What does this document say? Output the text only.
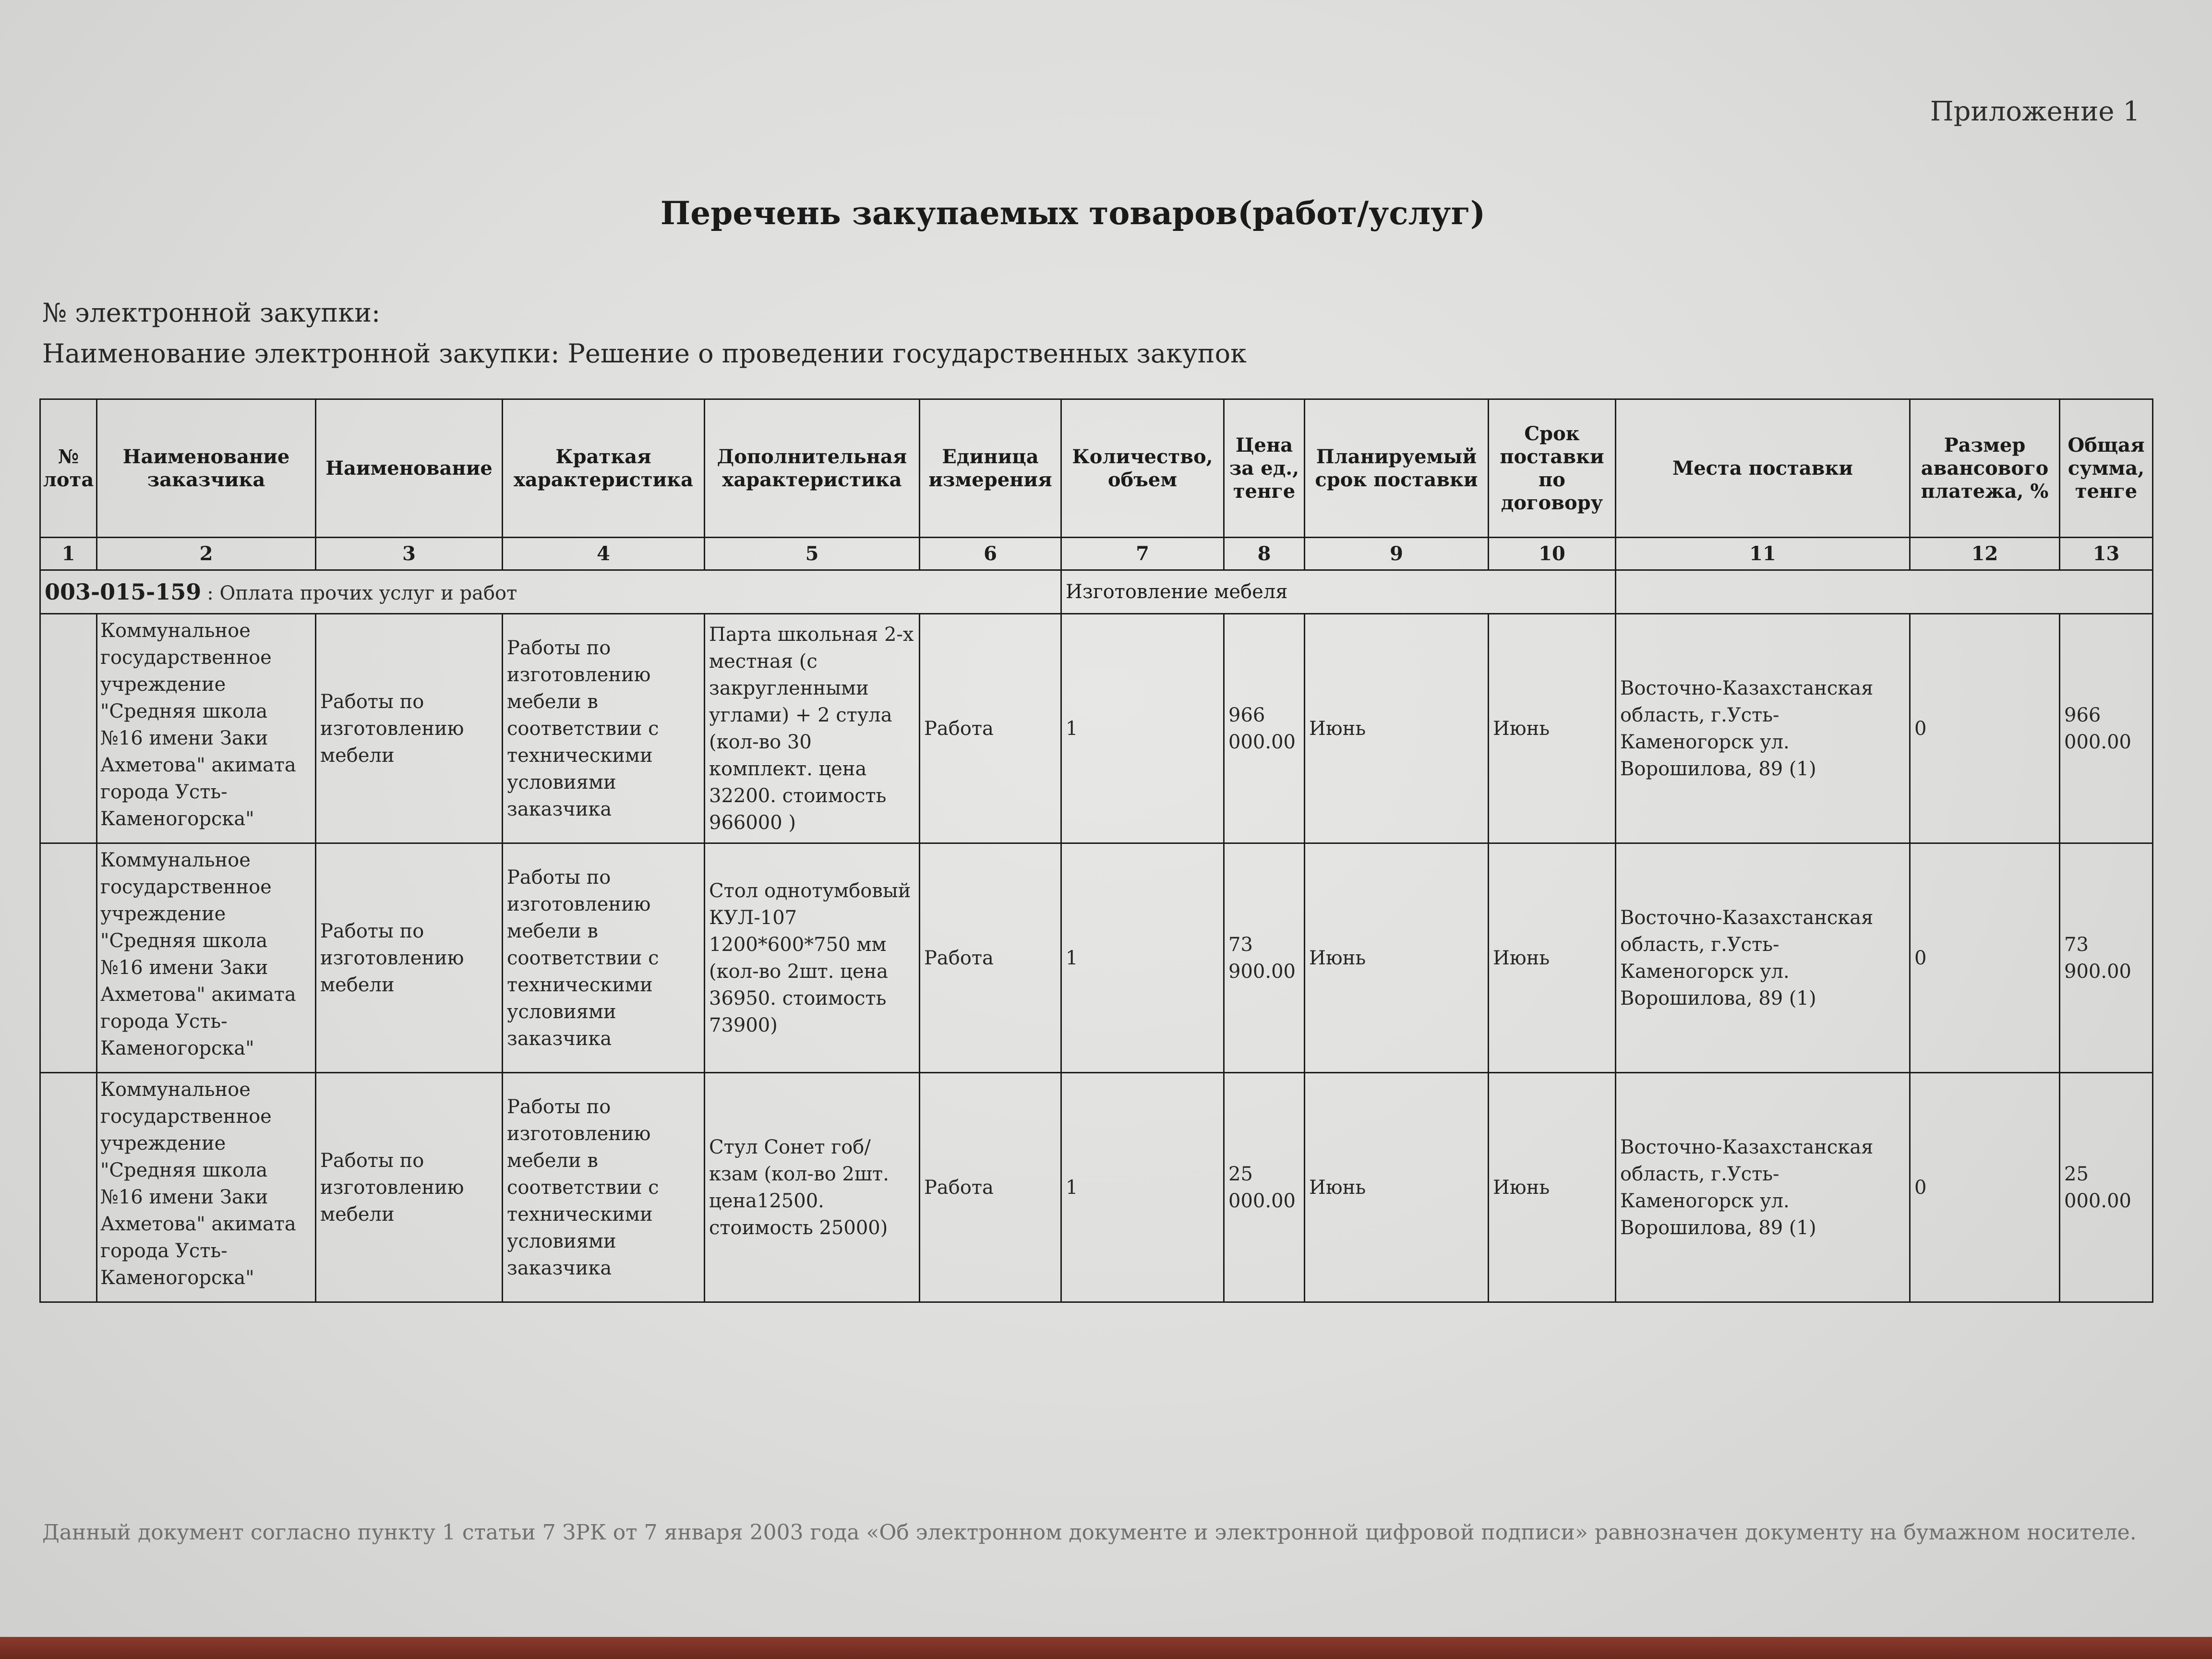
Приложение 1
Перечень закупаемых товаров(работ/услуг)
№ электронной закупки:
Наименование электронной закупки: Решение о проведении государственных закупок
№ лота	Наименование заказчика	Наименование	Краткая характеристика	Дополнительная характеристика	Единица измерения	Количество, объем	Цена за ед., тенге	Планируемый срок поставки	Срок поставки по договору	Места поставки	Размер авансового платежа, %	Общая сумма, тенге
1	2	3	4	5	6	7	8	9	10	11	12	13
003-015-159 : Оплата прочих услуг и работ						Изготовление мебеля						
	Коммунальное государственное учреждение "Средняя школа №16 имени Заки Ахметова" акимата города Усть-Каменогорска"	Работы по изготовлению мебели	Работы по изготовлению мебели в соответствии с техническими условиями заказчика	Парта школьная 2-х местная (с закругленными углами) + 2 стула (кол-во 30 комплект. цена 32200. стоимость 966000 )	Работа	1	966 000.00	Июнь	Июнь	Восточно-Казахстанская область, г.Усть-Каменогорск ул. Ворошилова, 89 (1)	0	966 000.00
	Коммунальное государственное учреждение "Средняя школа №16 имени Заки Ахметова" акимата города Усть-Каменогорска"	Работы по изготовлению мебели	Работы по изготовлению мебели в соответствии с техническими условиями заказчика	Стол однотумбовый КУЛ-107 1200*600*750 мм (кол-во 2шт. цена 36950. стоимость 73900)	Работа	1	73 900.00	Июнь	Июнь	Восточно-Казахстанская область, г.Усть-Каменогорск ул. Ворошилова, 89 (1)	0	73 900.00
	Коммунальное государственное учреждение "Средняя школа №16 имени Заки Ахметова" акимата города Усть-Каменогорска"	Работы по изготовлению мебели	Работы по изготовлению мебели в соответствии с техническими условиями заказчика	Стул Сонет гоб/кзам (кол-во 2шт. цена12500. стоимость 25000)	Работа	1	25 000.00	Июнь	Июнь	Восточно-Казахстанская область, г.Усть-Каменогорск ул. Ворошилова, 89 (1)	0	25 000.00
Данный документ согласно пункту 1 статьи 7 ЗРК от 7 января 2003 года «Об электронном документе и электронной цифровой подписи» равнозначен документу на бумажном носителе.
